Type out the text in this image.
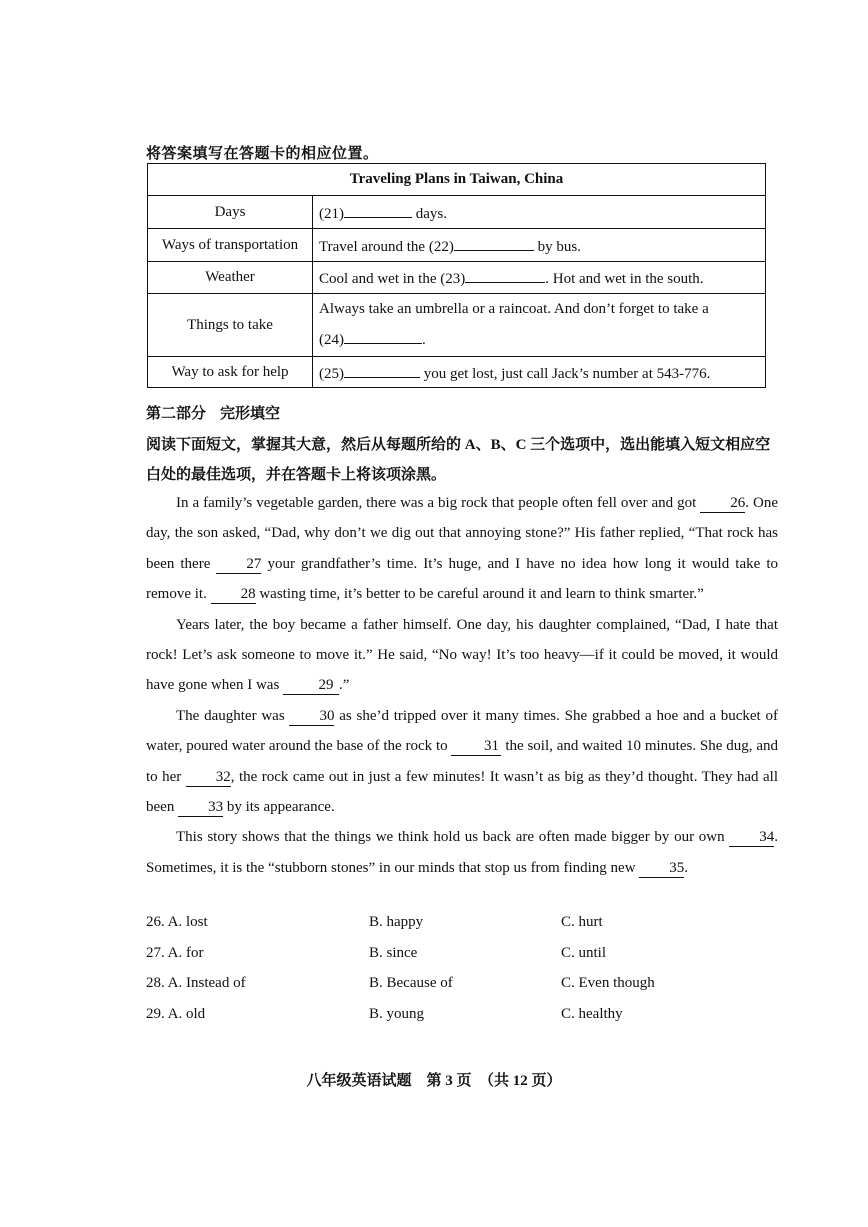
将答案填写在答题卡的相应位置。
Traveling Plans in Taiwan, China	
Days	(21) days.
Ways of transportation	Travel around the (22) by bus.
Weather	Cool and wet in the (23) . Hot and wet in the south.
Things to take	Always take an umbrella or a raincoat. And don’t forget to take a
(24) .
Way to ask for help	(25) you get lost, just call Jack’s number at 543-776.
第二部分 完形填空
阅读下面短文，掌握其大意，然后从每题所给的 A、B、C 三个选项中，选出能填入短文相应空白处的最佳选项，并在答题卡上将该项涂黑。

In a family’s vegetable garden, there was a big rock that people often fell over and got 26. One day, the son asked, “Dad, why don’t we dig out that annoying stone?” His father replied, “That rock has been there 27 your grandfather’s time. It’s huge, and I have no idea how long it would take to remove it. 28 wasting time, it’s better to be careful around it and learn to think smarter.”

Years later, the boy became a father himself. One day, his daughter complained, “Dad, I hate that rock! Let’s ask someone to move it.” He said, “No way! It’s too heavy—if it could be moved, it would have gone when I was 29 .”

The daughter was 30 as she’d tripped over it many times. She grabbed a hoe and a bucket of water, poured water around the base of the rock to 31 the soil, and waited 10 minutes. She dug, and to her 32, the rock came out in just a few minutes! It wasn’t as big as they’d thought. They had all been 33 by its appearance.

This story shows that the things we think hold us back are often made bigger by our own 34. Sometimes, it is the “stubborn stones” in our minds that stop us from finding new 35.

26. A. lost	B. happy	C. hurt
27. A. for	B. since	C. until
28. A. Instead of	B. Because of	C. Even though
29. A. old	B. young	C. healthy
八年级英语试题　第 3 页　（共 12 页）
